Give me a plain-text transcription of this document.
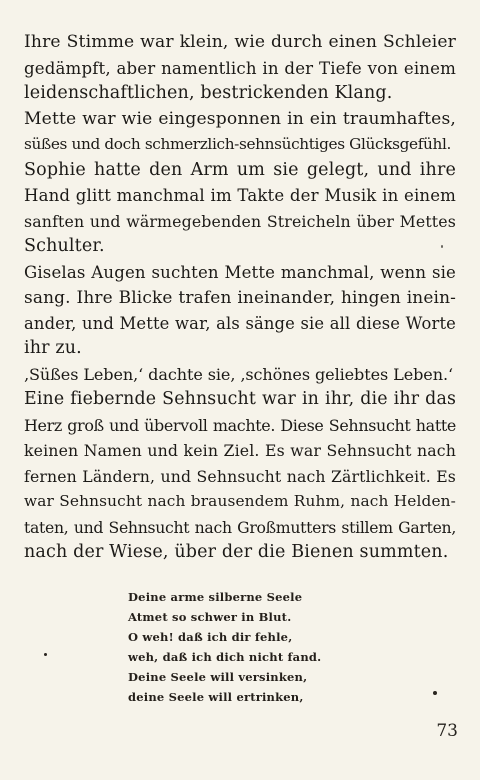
Ihre Stimme war klein, wie durch einen Schleier
gedämpft, aber namentlich in der Tiefe von einem
leidenschaftlichen, bestrickenden Klang.

Mette war wie eingesponnen in ein traumhaftes,
süßes und doch schmerzlich-sehnsüchtiges Glücksgefühl.

Sophie hatte den Arm um sie gelegt, und ihre
Hand glitt manchmal im Takte der Musik in einem
sanften und wärmegebenden Streicheln über Mettes
Schulter.

Giselas Augen suchten Mette manchmal, wenn sie
sang. Ihre Blicke trafen ineinander, hingen inein-
ander, und Mette war, als sänge sie all diese Worte
ihr zu.

‚Süßes Leben,‘ dachte sie, ‚schönes geliebtes Leben.‘

Eine fiebernde Sehnsucht war in ihr, die ihr das
Herz groß und übervoll machte. Diese Sehnsucht hatte
keinen Namen und kein Ziel. Es war Sehnsucht nach
fernen Ländern, und Sehnsucht nach Zärtlichkeit. Es
war Sehnsucht nach brausendem Ruhm, nach Helden-
taten, und Sehnsucht nach Großmutters stillem Garten,
nach der Wiese, über der die Bienen summten.

Deine arme silberne Seele
Atmet so schwer in Blut.
O weh! daß ich dir fehle,
weh, daß ich dich nicht fand.
Deine Seele will versinken,
deine Seele will ertrinken,
73
